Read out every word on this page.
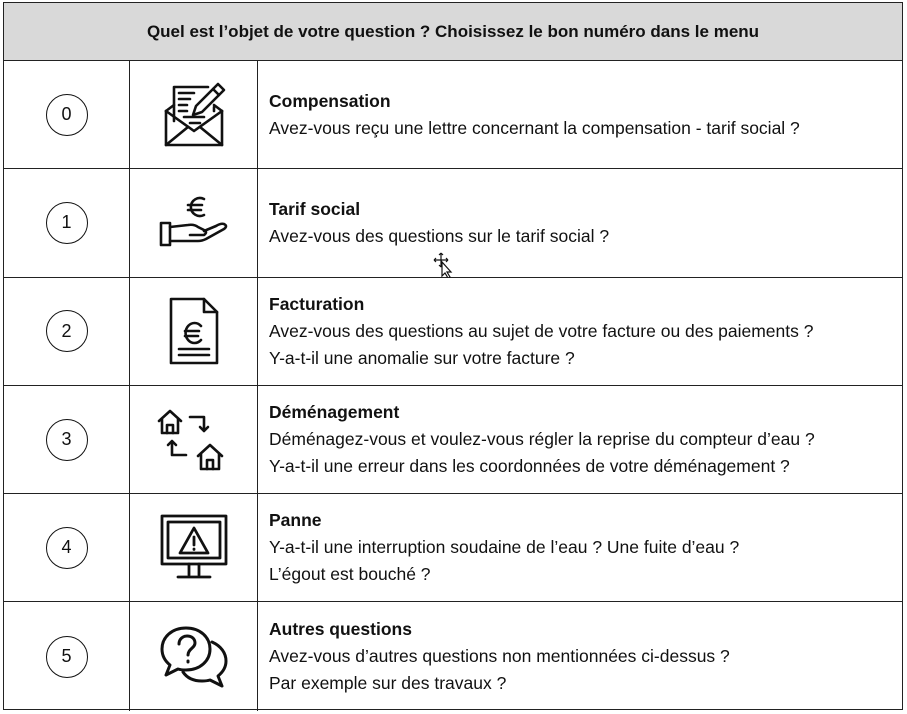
Quel est l’objet de votre question ? Choisissez le bon numéro dans le menu
0
Compensation
Avez-vous reçu une lettre concernant la compensation - tarif social ?
1
Tarif social
Avez-vous des questions sur le tarif social ?
2
Facturation
Avez-vous des questions au sujet de votre facture ou des paiements ?
Y-a-t-il une anomalie sur votre facture ?
3
Déménagement
Déménagez-vous et voulez-vous régler la reprise du compteur d’eau ?
Y-a-t-il une erreur dans les coordonnées de votre déménagement ?
4
Panne
Y-a-t-il une interruption soudaine de l’eau ? Une fuite d’eau ?
L’égout est bouché ?
5
Autres questions
Avez-vous d’autres questions non mentionnées ci-dessus ?
Par exemple sur des travaux ?
